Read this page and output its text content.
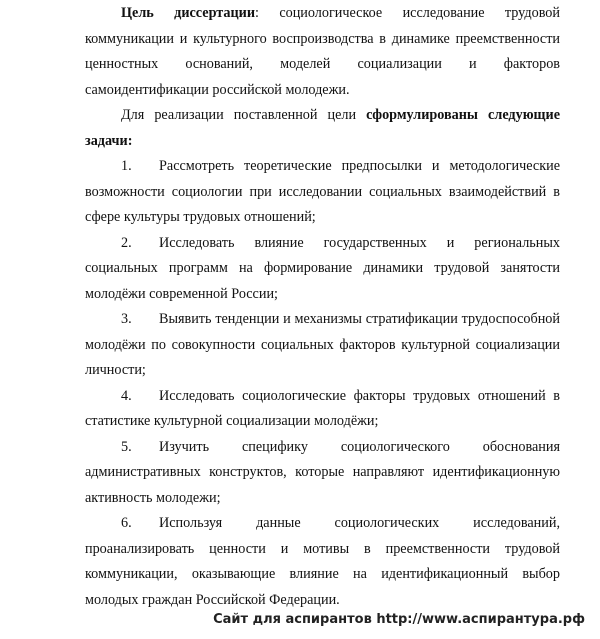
Цель диссертации: социологическое исследование трудовой коммуникации и культурного воспроизводства в динамике преемственности ценностных оснований, моделей социализации и факторов самоидентификации российской молодежи.

Для реализации поставленной цели сформулированы следующие задачи:

1. Рассмотреть теоретические предпосылки и методологические возможности социологии при исследовании социальных взаимодействий в сфере культуры трудовых отношений;

2. Исследовать влияние государственных и региональных социальных программ на формирование динамики трудовой занятости молодёжи современной России;

3. Выявить тенденции и механизмы стратификации трудоспособной молодёжи по совокупности социальных факторов культурной социализации личности;

4. Исследовать социологические факторы трудовых отношений в статистике культурной социализации молодёжи;

5. Изучить специфику социологического обоснования административных конструктов, которые направляют идентификационную активность молодежи;

6. Используя данные социологических исследований, проанализировать ценности и мотивы в преемственности трудовой коммуникации, оказывающие влияние на идентификационный выбор молодых граждан Российской Федерации.

Сайт для аспирантов http://www.аспирантура.рф
